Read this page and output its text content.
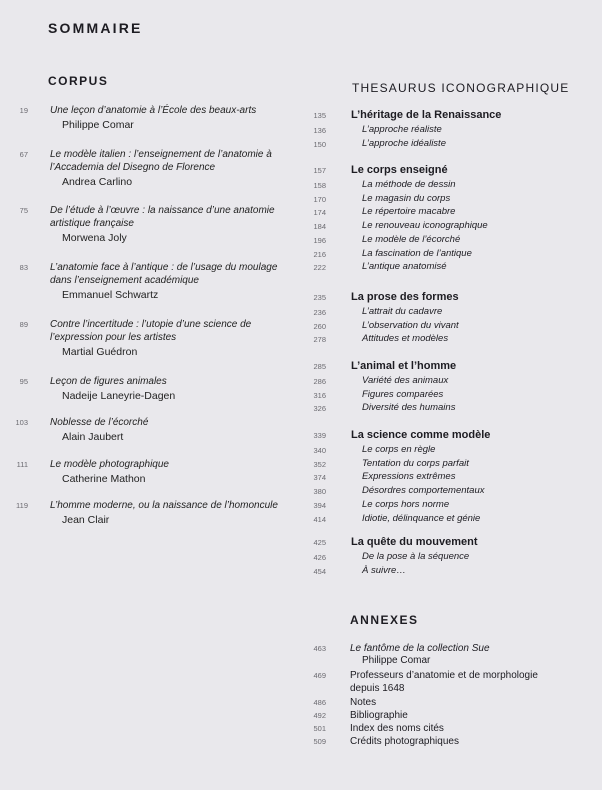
SOMMAIRE
CORPUS	THESAURUS ICONOGRAPHIQUE
ANNEXES
19 Une leçon d’anatomie à l’École des beaux-arts
Philippe Comar
67 Le modèle italien : l’enseignement de l’anatomie à l’Accademia del Disegno de Florence
Andrea Carlino
75 De l’étude à l’œuvre : la naissance d’une anatomie artistique française
Morwena Joly
83 L’anatomie face à l’antique : de l’usage du moulage dans l’enseignement académique
Emmanuel Schwartz
89 Contre l’incertitude : l’utopie d’une science de l’expression pour les artistes
Martial Guédron
95 Leçon de figures animales
Nadeije Laneyrie-Dagen
103 Noblesse de l’écorché
Alain Jaubert
111 Le modèle photographique
Catherine Mathon
119 L’homme moderne, ou la naissance de l’homoncule
Jean Clair
135 L’héritage de la Renaissance
136	L’approche réaliste
150	L’approche idéaliste
157 Le corps enseigné
158	La méthode de dessin
170	Le magasin du corps
174	Le répertoire macabre
184	Le renouveau iconographique
196	Le modèle de l’écorché
216	La fascination de l’antique
222	L’antique anatomisé
235 La prose des formes
236	L’attrait du cadavre
260	L’observation du vivant
278	Attitudes et modèles
285 L’animal et l’homme
286	Variété des animaux
316	Figures comparées
326	Diversité des humains
339 La science comme modèle
340	Le corps en règle
352	Tentation du corps parfait
374	Expressions extrêmes
380	Désordres comportementaux
394	Le corps hors norme
414	Idiotie, délinquance et génie
425 La quête du mouvement
426	De la pose à la séquence
454	À suivre…
463 Le fantôme de la collection Sue
Philippe Comar
469 Professeurs d’anatomie et de morphologie
depuis 1648
486 Notes
492 Bibliographie
501 Index des noms cités
509 Crédits photographiques
